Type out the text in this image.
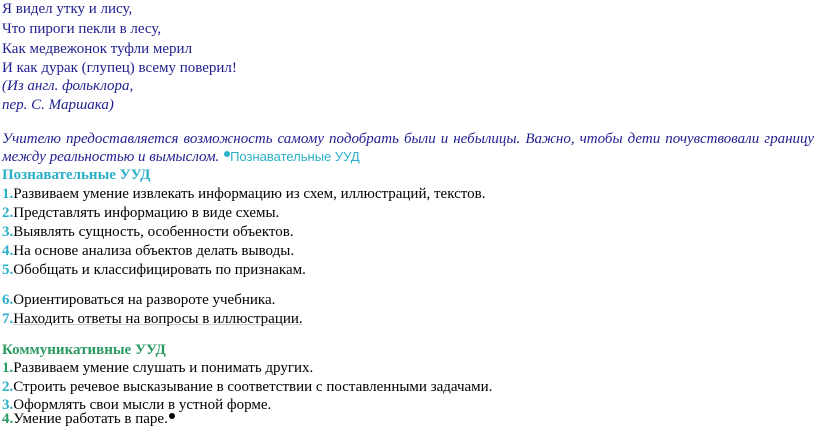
Я видел утку и лису,
Что пироги пекли в лесу,
Как медвежонок туфли мерил
И как дурак (глупец) всему поверил!
(Из англ. фольклора,
пер. С. Маршака)
Учителю предоставляется возможность самому подобрать были и небылицы. Важно, чтобы дети почувствовали границу между реальностью и вымыслом. Познавательные УУД
Познавательные УУД
1.Развиваем умение извлекать информацию из схем, иллюстраций, текстов.
2.Представлять информацию в виде схемы.
3.Выявлять сущность, особенности объектов.
4.На основе анализа объектов делать выводы.
5.Обобщать и классифицировать по признакам.
6.Ориентироваться на развороте учебника.
7.Находить ответы на вопросы в иллюстрации.
Коммуникативные УУД
1.Развиваем умение слушать и понимать других.
2.Строить речевое высказывание в соответствии с поставленными задачами.
3.Оформлять свои мысли в устной форме.
4.Умение работать в паре.
